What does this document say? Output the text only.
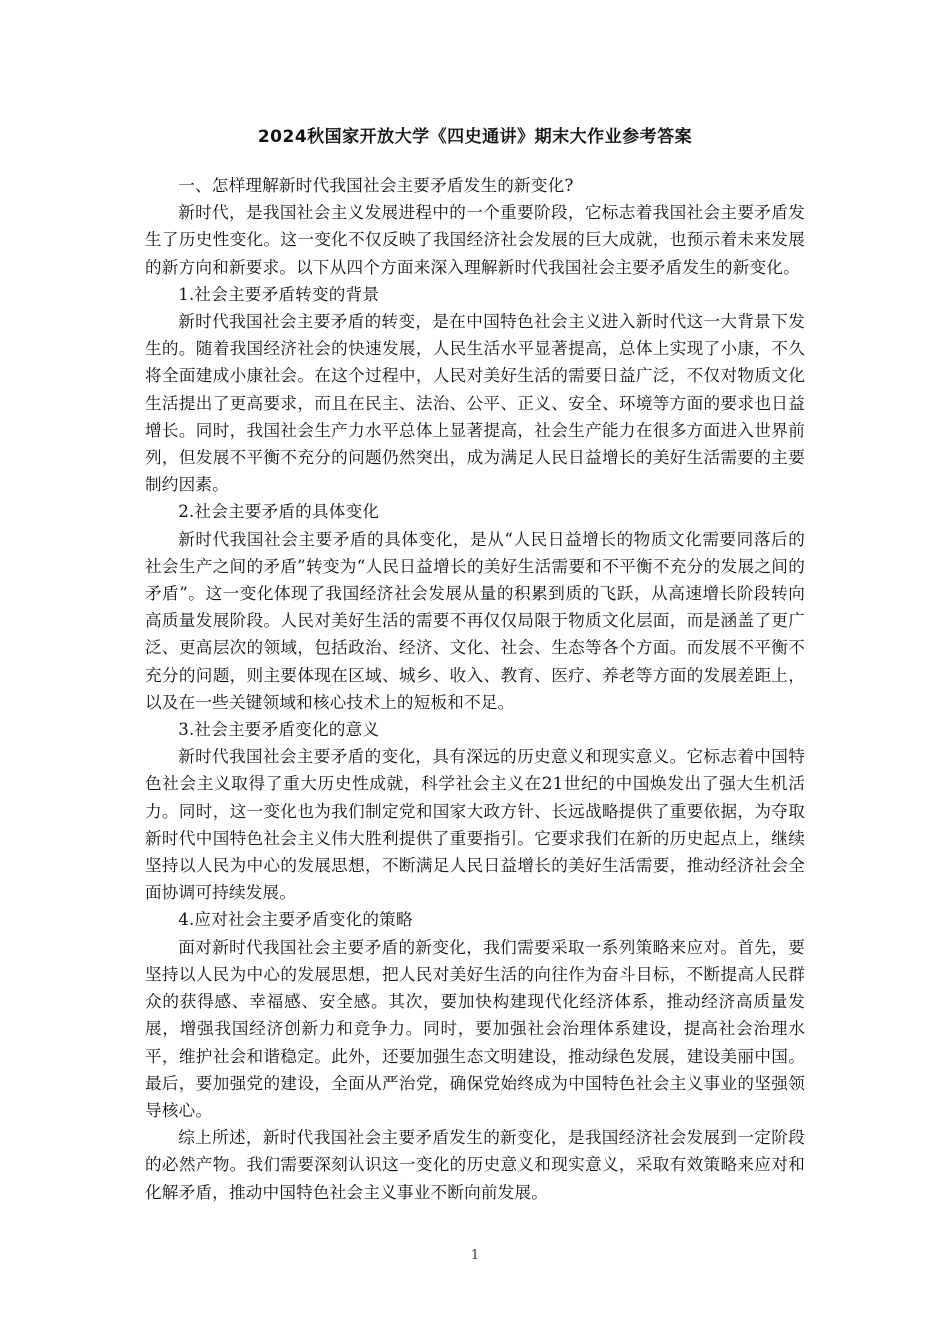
2024秋国家开放大学《四史通讲》期末大作业参考答案

一、怎样理解新时代我国社会主要矛盾发生的新变化?

新时代，是我国社会主义发展进程中的一个重要阶段，它标志着我国社会主要矛盾发生了历史性变化。这一变化不仅反映了我国经济社会发展的巨大成就，也预示着未来发展的新方向和新要求。以下从四个方面来深入理解新时代我国社会主要矛盾发生的新变化。

1.社会主要矛盾转变的背景

新时代我国社会主要矛盾的转变，是在中国特色社会主义进入新时代这一大背景下发生的。随着我国经济社会的快速发展，人民生活水平显著提高，总体上实现了小康，不久将全面建成小康社会。在这个过程中，人民对美好生活的需要日益广泛，不仅对物质文化生活提出了更高要求，而且在民主、法治、公平、正义、安全、环境等方面的要求也日益增长。同时，我国社会生产力水平总体上显著提高，社会生产能力在很多方面进入世界前列，但发展不平衡不充分的问题仍然突出，成为满足人民日益增长的美好生活需要的主要制约因素。

2.社会主要矛盾的具体变化

新时代我国社会主要矛盾的具体变化，是从“人民日益增长的物质文化需要同落后的社会生产之间的矛盾”转变为“人民日益增长的美好生活需要和不平衡不充分的发展之间的矛盾”。这一变化体现了我国经济社会发展从量的积累到质的飞跃，从高速增长阶段转向高质量发展阶段。人民对美好生活的需要不再仅仅局限于物质文化层面，而是涵盖了更广泛、更高层次的领域，包括政治、经济、文化、社会、生态等各个方面。而发展不平衡不充分的问题，则主要体现在区域、城乡、收入、教育、医疗、养老等方面的发展差距上，以及在一些关键领域和核心技术上的短板和不足。

3.社会主要矛盾变化的意义

新时代我国社会主要矛盾的变化，具有深远的历史意义和现实意义。它标志着中国特色社会主义取得了重大历史性成就，科学社会主义在21世纪的中国焕发出了强大生机活力。同时，这一变化也为我们制定党和国家大政方针、长远战略提供了重要依据，为夺取新时代中国特色社会主义伟大胜利提供了重要指引。它要求我们在新的历史起点上，继续坚持以人民为中心的发展思想，不断满足人民日益增长的美好生活需要，推动经济社会全面协调可持续发展。

4.应对社会主要矛盾变化的策略

面对新时代我国社会主要矛盾的新变化，我们需要采取一系列策略来应对。首先，要坚持以人民为中心的发展思想，把人民对美好生活的向往作为奋斗目标，不断提高人民群众的获得感、幸福感、安全感。其次，要加快构建现代化经济体系，推动经济高质量发展，增强我国经济创新力和竞争力。同时，要加强社会治理体系建设，提高社会治理水平，维护社会和谐稳定。此外，还要加强生态文明建设，推动绿色发展，建设美丽中国。最后，要加强党的建设，全面从严治党，确保党始终成为中国特色社会主义事业的坚强领导核心。

综上所述，新时代我国社会主要矛盾发生的新变化，是我国经济社会发展到一定阶段的必然产物。我们需要深刻认识这一变化的历史意义和现实意义，采取有效策略来应对和化解矛盾，推动中国特色社会主义事业不断向前发展。

1
